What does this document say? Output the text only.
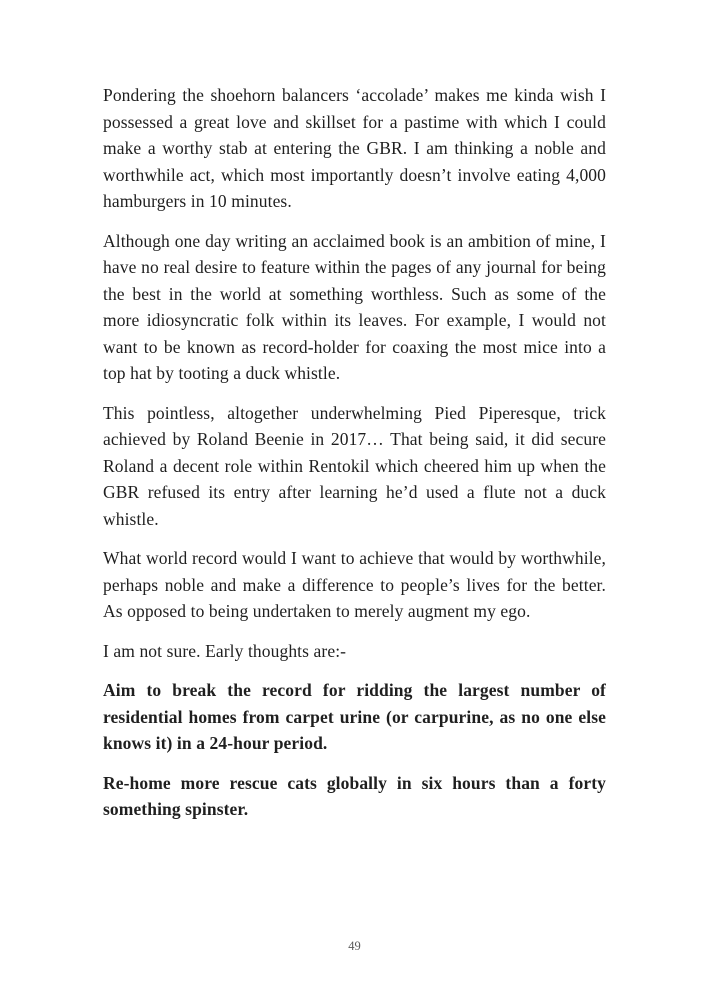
Pondering the shoehorn balancers ‘accolade’ makes me kinda wish I possessed a great love and skillset for a pastime with which I could make a worthy stab at entering the GBR. I am thinking a noble and worthwhile act, which most importantly doesn’t involve eating 4,000 hamburgers in 10 minutes.

Although one day writing an acclaimed book is an ambition of mine, I have no real desire to feature within the pages of any journal for being the best in the world at something worthless. Such as some of the more idiosyncratic folk within its leaves. For example, I would not want to be known as record-holder for coaxing the most mice into a top hat by tooting a duck whistle.

This pointless, altogether underwhelming Pied Piperesque, trick achieved by Roland Beenie in 2017… That being said, it did secure Roland a decent role within Rentokil which cheered him up when the GBR refused its entry after learning he’d used a flute not a duck whistle.

What world record would I want to achieve that would by worthwhile, perhaps noble and make a difference to people’s lives for the better. As opposed to being undertaken to merely augment my ego.

I am not sure. Early thoughts are:-

Aim to break the record for ridding the largest number of residential homes from carpet urine (or carpurine, as no one else knows it) in a 24-hour period.

Re-home more rescue cats globally in six hours than a forty something spinster.

49
